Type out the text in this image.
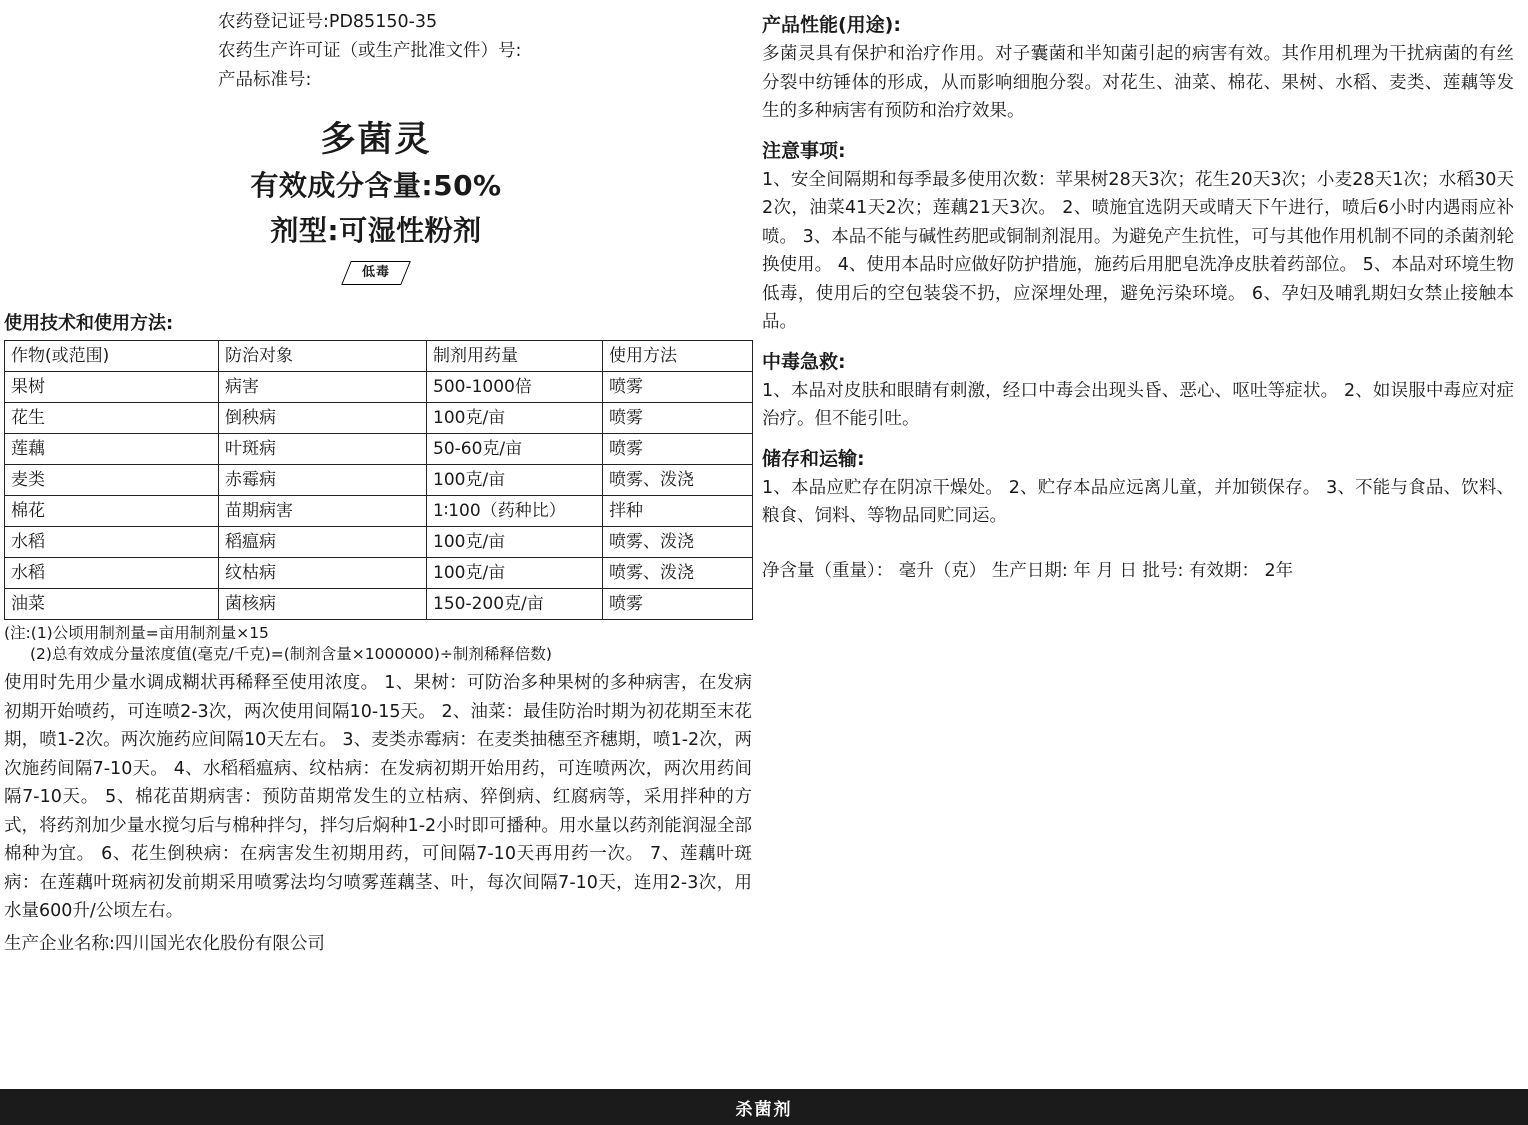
农药登记证号:PD85150-35
农药生产许可证（或生产批准文件）号:
产品标准号:
多菌灵
有效成分含量:50%
剂型:可湿性粉剂
低毒
使用技术和使用方法:
作物(或范围)	防治对象	制剂用药量	使用方法
果树	病害	500-1000倍	喷雾
花生	倒秧病	100克/亩	喷雾
莲藕	叶斑病	50-60克/亩	喷雾
麦类	赤霉病	100克/亩	喷雾、泼浇
棉花	苗期病害	1∶100（药种比）	拌种
水稻	稻瘟病	100克/亩	喷雾、泼浇
水稻	纹枯病	100克/亩	喷雾、泼浇
油菜	菌核病	150-200克/亩	喷雾
(注:(1)公顷用制剂量=亩用制剂量×15
(2)总有效成分量浓度值(毫克/千克)=(制剂含量×1000000)÷制剂稀释倍数)
使用时先用少量水调成糊状再稀释至使用浓度。 1、果树：可防治多种果树的多种病害，在发病初期开始喷药，可连喷2-3次，两次使用间隔10-15天。 2、油菜：最佳防治时期为初花期至末花期，喷1-2次。两次施药应间隔10天左右。 3、麦类赤霉病：在麦类抽穗至齐穗期，喷1-2次，两次施药间隔7-10天。 4、水稻稻瘟病、纹枯病：在发病初期开始用药，可连喷两次，两次用药间隔7-10天。 5、棉花苗期病害：预防苗期常发生的立枯病、猝倒病、红腐病等，采用拌种的方式，将药剂加少量水搅匀后与棉种拌匀，拌匀后焖种1-2小时即可播种。用水量以药剂能润湿全部棉种为宜。 6、花生倒秧病：在病害发生初期用药，可间隔7-10天再用药一次。 7、莲藕叶斑病：在莲藕叶斑病初发前期采用喷雾法均匀喷雾莲藕茎、叶，每次间隔7-10天，连用2-3次，用水量600升/公顷左右。
生产企业名称:四川国光农化股份有限公司
产品性能(用途):
多菌灵具有保护和治疗作用。对子囊菌和半知菌引起的病害有效。其作用机理为干扰病菌的有丝分裂中纺锤体的形成，从而影响细胞分裂。对花生、油菜、棉花、果树、水稻、麦类、莲藕等发生的多种病害有预防和治疗效果。
注意事项:
1、安全间隔期和每季最多使用次数：苹果树28天3次；花生20天3次；小麦28天1次；水稻30天2次，油菜41天2次；莲藕21天3次。 2、喷施宜选阴天或晴天下午进行，喷后6小时内遇雨应补喷。 3、本品不能与碱性药肥或铜制剂混用。为避免产生抗性，可与其他作用机制不同的杀菌剂轮换使用。 4、使用本品时应做好防护措施，施药后用肥皂洗净皮肤着药部位。 5、本品对环境生物低毒，使用后的空包装袋不扔，应深埋处理，避免污染环境。 6、孕妇及哺乳期妇女禁止接触本品。
中毒急救:
1、本品对皮肤和眼睛有刺激，经口中毒会出现头昏、恶心、呕吐等症状。 2、如误服中毒应对症治疗。但不能引吐。
储存和运输:
1、本品应贮存在阴凉干燥处。 2、贮存本品应远离儿童，并加锁保存。 3、不能与食品、饮料、粮食、饲料、等物品同贮同运。
净含量（重量）： 毫升（克） 生产日期: 年 月 日 批号: 有效期： 2年
杀菌剂
